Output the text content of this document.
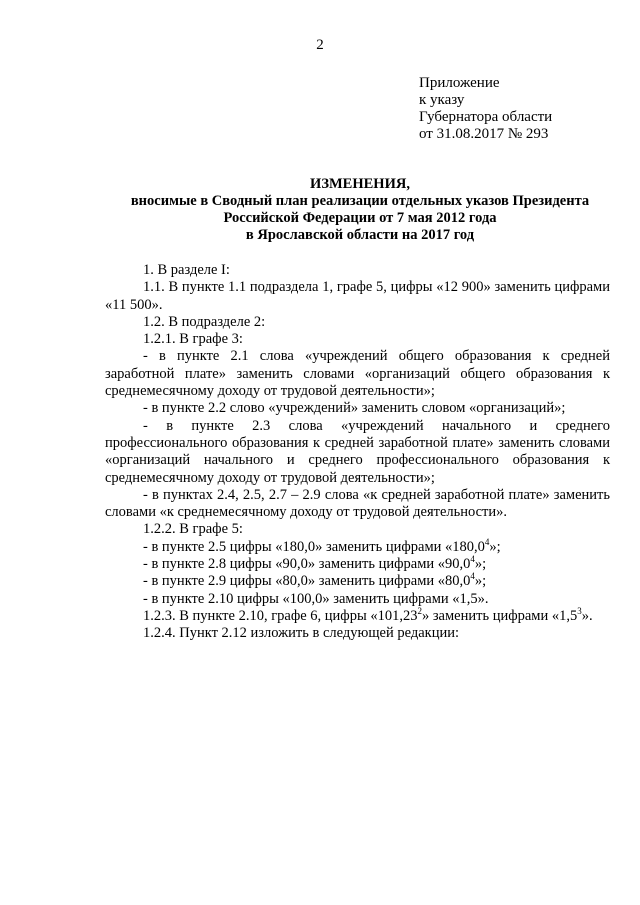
2
Приложение
к указу
Губернатора области
от 31.08.2017 № 293
ИЗМЕНЕНИЯ,
вносимые в Сводный план реализации отдельных указов Президента
Российской Федерации от 7 мая 2012 года
в Ярославской области на 2017 год

1. В разделе I:

1.1. В пункте 1.1 подраздела 1, графе 5, цифры «12 900» заменить цифрами «11 500».

1.2. В подразделе 2:

1.2.1. В графе 3:

- в пункте 2.1 слова «учреждений общего образования к средней заработной плате» заменить словами «организаций общего образования к среднемесячному доходу от трудовой деятельности»;

- в пункте 2.2 слово «учреждений» заменить словом «организаций»;

- в пункте 2.3 слова «учреждений начального и среднего профессионального образования к средней заработной плате» заменить словами «организаций начального и среднего профессионального образования к среднемесячному доходу от трудовой деятельности»;

- в пунктах 2.4, 2.5, 2.7 – 2.9 слова «к средней заработной плате» заменить словами «к среднемесячному доходу от трудовой деятельности».

1.2.2. В графе 5:

- в пункте 2.5 цифры «180,0» заменить цифрами «180,0$^4$»;

- в пункте 2.8 цифры «90,0» заменить цифрами «90,0$^4$»;

- в пункте 2.9 цифры «80,0» заменить цифрами «80,0$^4$»;

- в пункте 2.10 цифры «100,0» заменить цифрами «1,5».

1.2.3. В пункте 2.10, графе 6, цифры «101,23$^2$» заменить цифрами «$1,5^3$».

1.2.4. Пункт 2.12 изложить в следующей редакции:
